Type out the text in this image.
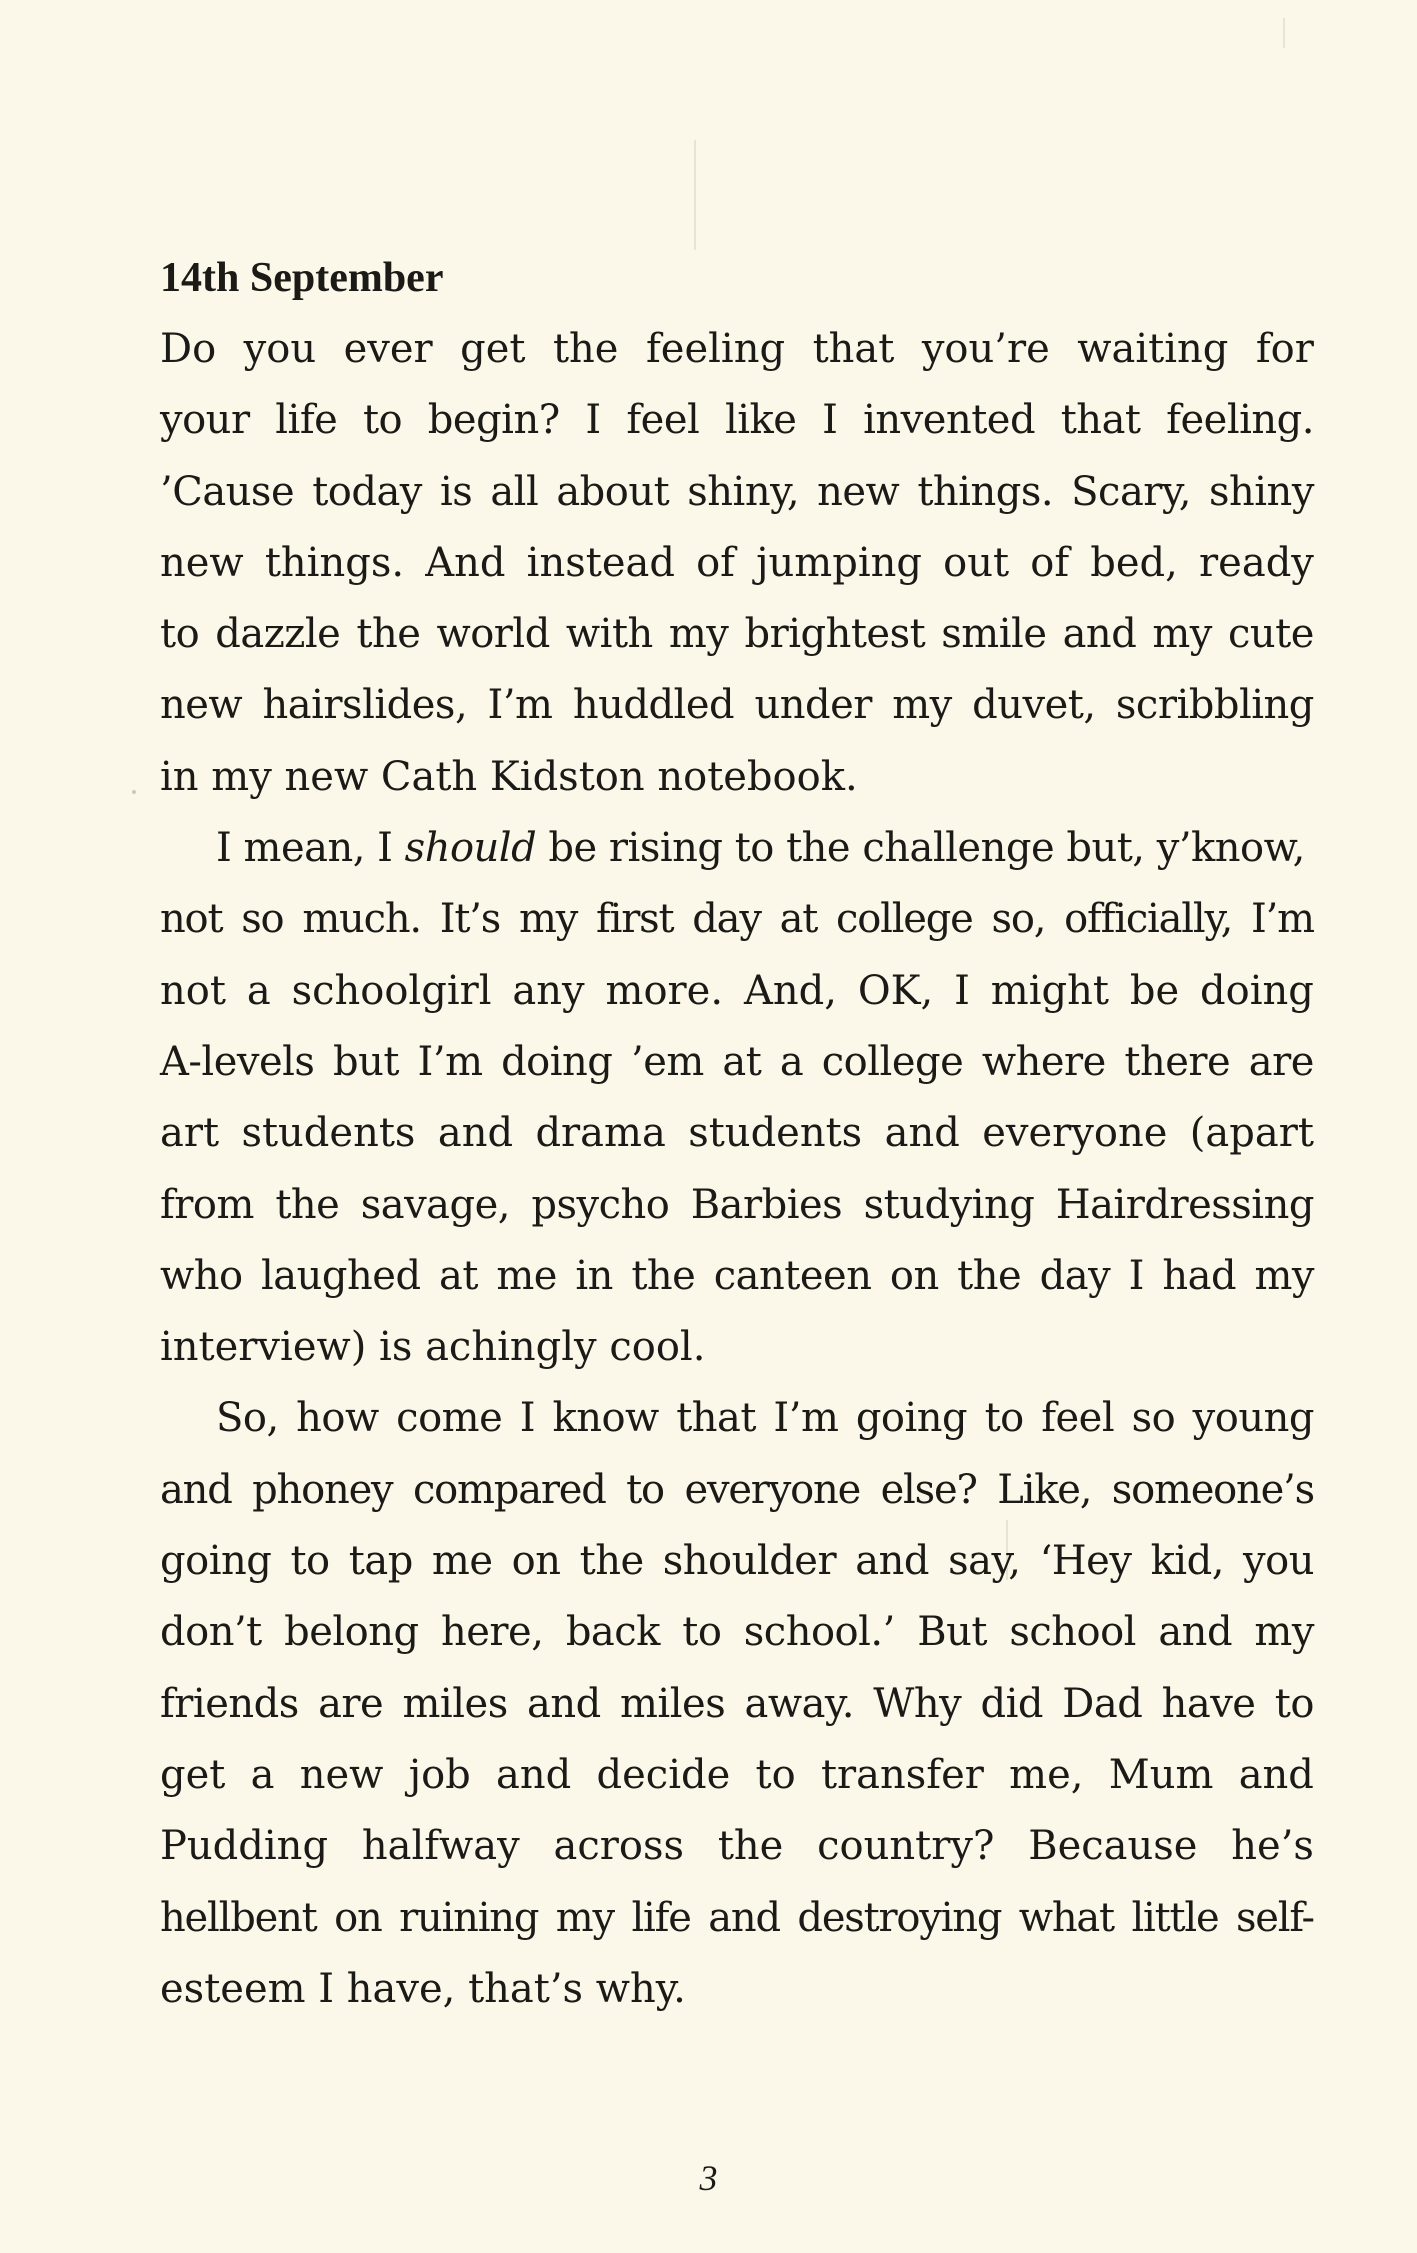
14th September
Do you ever get the feeling that you’re waiting for
your life to begin? I feel like I invented that feeling.
’Cause today is all about shiny, new things. Scary, shiny
new things. And instead of jumping out of bed, ready
to dazzle the world with my brightest smile and my cute
new hairslides, I’m huddled under my duvet, scribbling
in my new Cath Kidston notebook.
I mean, I should be rising to the challenge but, y’know,
not so much. It’s my first day at college so, officially, I’m
not a schoolgirl any more. And, OK, I might be doing
A-levels but I’m doing ’em at a college where there are
art students and drama students and everyone (apart
from the savage, psycho Barbies studying Hairdressing
who laughed at me in the canteen on the day I had my
interview) is achingly cool.
So, how come I know that I’m going to feel so young
and phoney compared to everyone else? Like, someone’s
going to tap me on the shoulder and say, ‘Hey kid, you
don’t belong here, back to school.’ But school and my
friends are miles and miles away. Why did Dad have to
get a new job and decide to transfer me, Mum and
Pudding halfway across the country? Because he’s
hellbent on ruining my life and destroying what little self-
esteem I have, that’s why.
3
